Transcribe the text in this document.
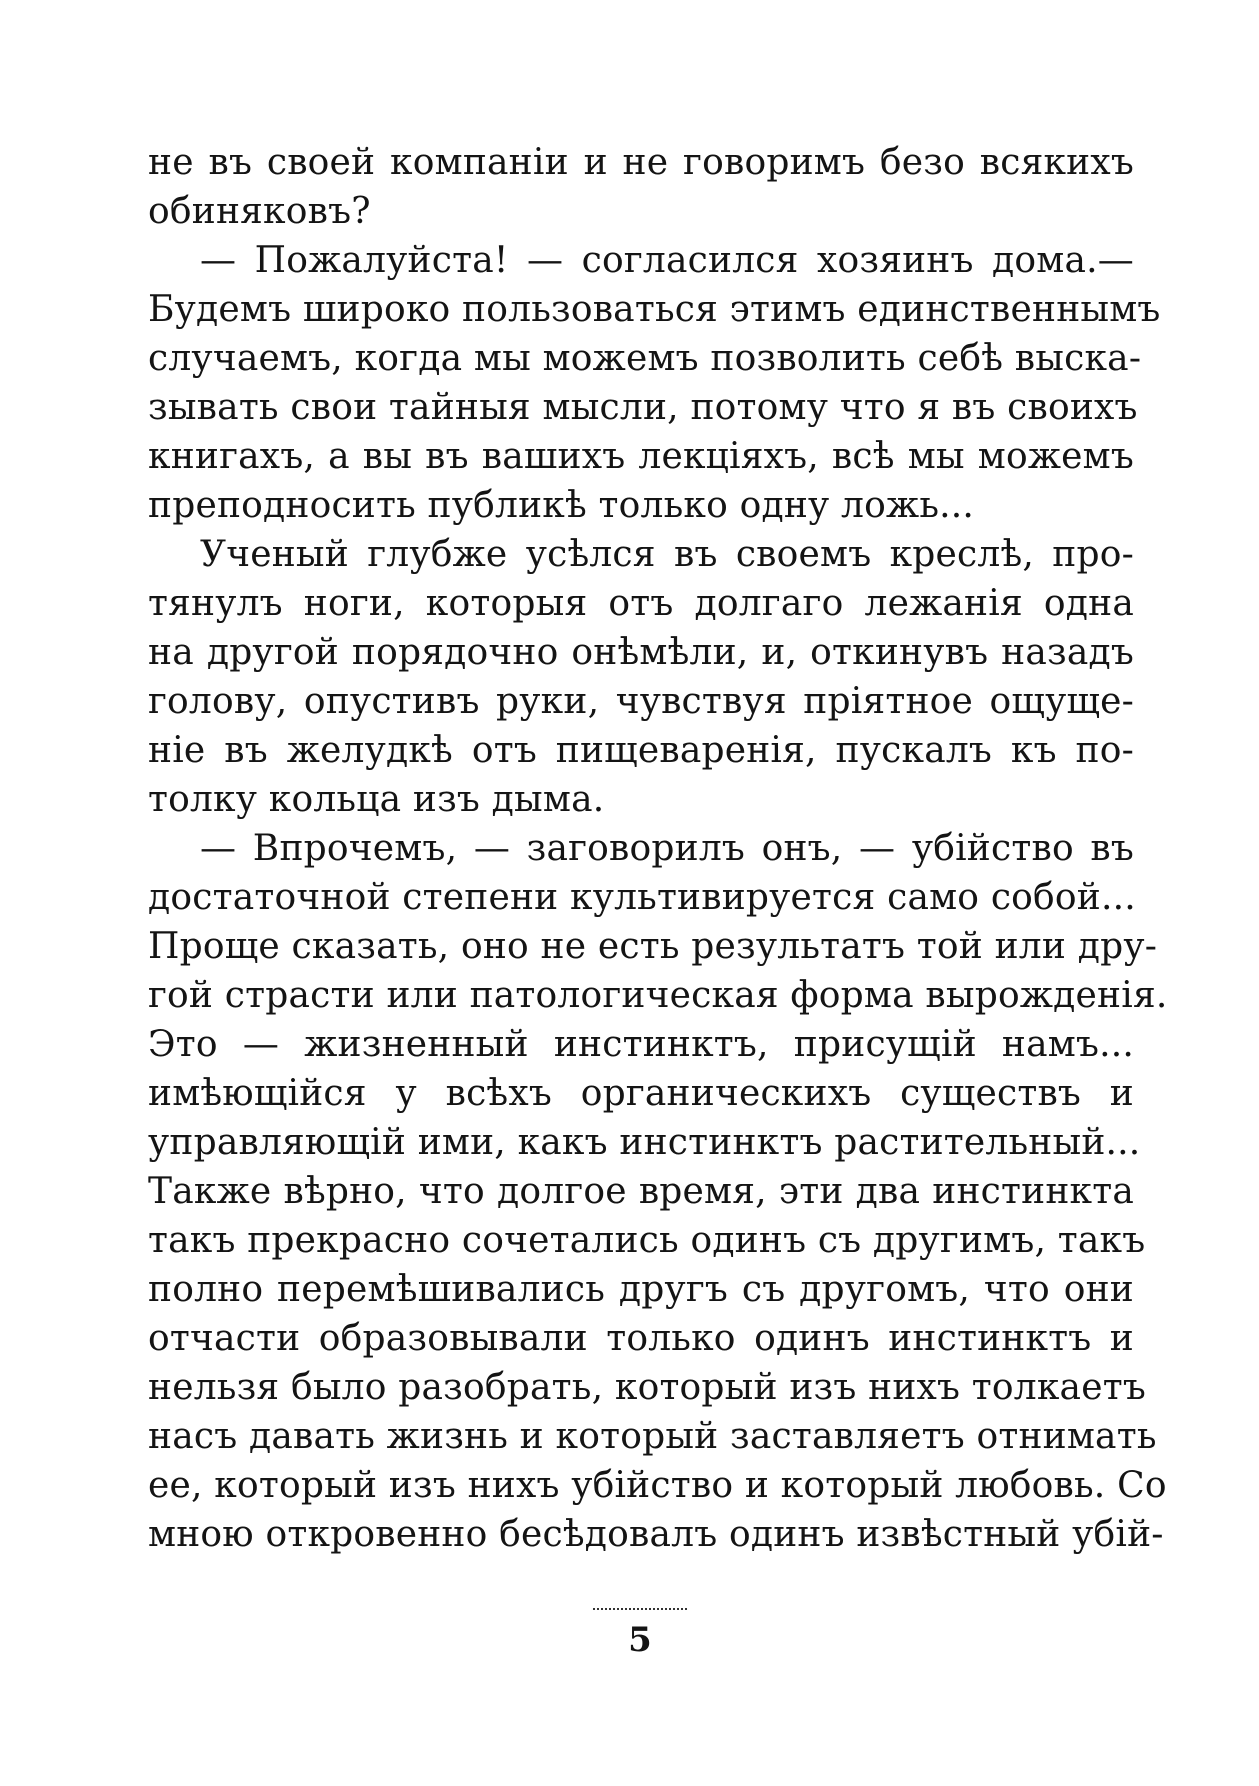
не въ своей компаніи и не говоримъ безо всякихъ
обиняковъ?
— Пожалуйста! — согласился хозяинъ дома.—
Будемъ широко пользоваться этимъ единственнымъ
случаемъ, когда мы можемъ позволить себѣ выска-
зывать свои тайныя мысли, потому что я въ своихъ
книгахъ, а вы въ вашихъ лекціяхъ, всѣ мы можемъ
преподносить публикѣ только одну ложь...
Ученый глубже усѣлся въ своемъ креслѣ, про-
тянулъ ноги, которыя отъ долгаго лежанія одна
на другой порядочно онѣмѣли, и, откинувъ назадъ
голову, опустивъ руки, чувствуя пріятное ощуще-
ніе въ желудкѣ отъ пищеваренія, пускалъ къ по-
толку кольца изъ дыма.
— Впрочемъ, — заговорилъ онъ, — убійство въ
достаточной степени культивируется само собой...
Проще сказать, оно не есть результатъ той или дру-
гой страсти или патологическая форма вырожденія.
Это — жизненный инстинктъ, присущій намъ...
имѣющійся у всѣхъ органическихъ существъ и
управляющій ими, какъ инстинктъ растительный...
Также вѣрно, что долгое время, эти два инстинкта
такъ прекрасно сочетались одинъ съ другимъ, такъ
полно перемѣшивались другъ съ другомъ, что они
отчасти образовывали только одинъ инстинктъ и
нельзя было разобрать, который изъ нихъ толкаетъ
насъ давать жизнь и который заставляетъ отнимать
ее, который изъ нихъ убійство и который любовь. Со
мною откровенно бесѣдовалъ одинъ извѣстный убій-
5
